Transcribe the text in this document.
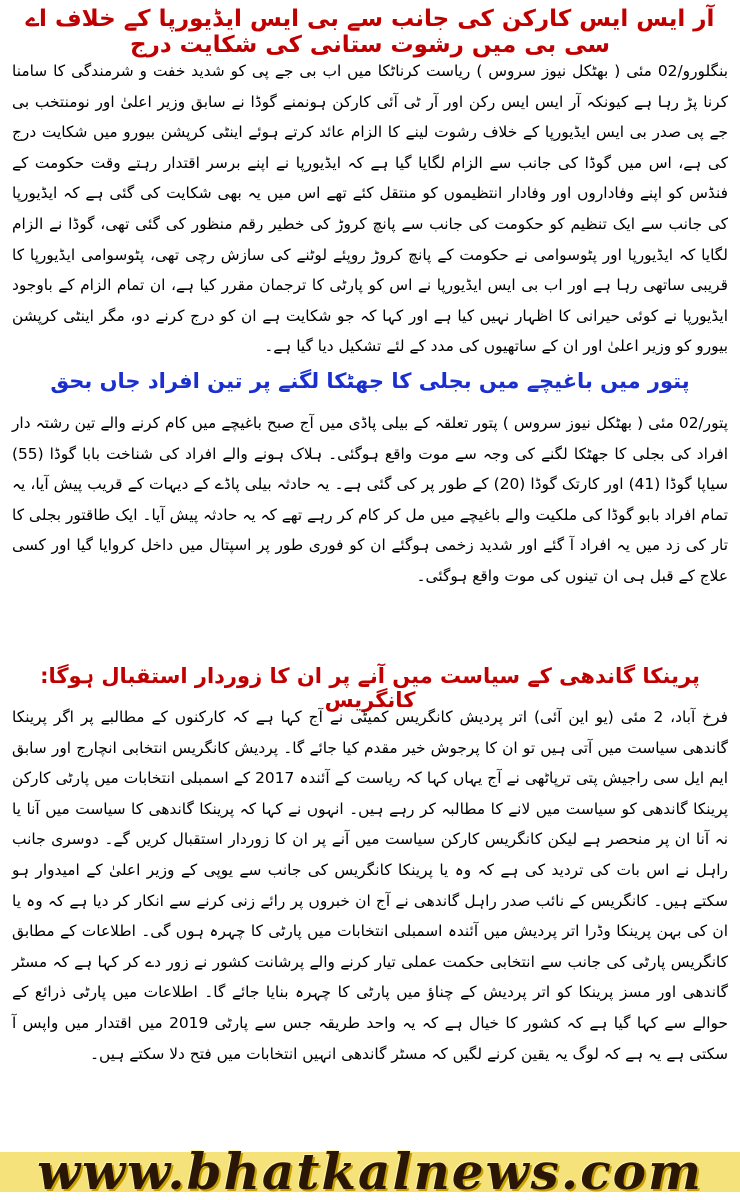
آر ایس ایس کارکن کی جانب سے بی ایس ایڈیورپا کے خلاف اے سی بی میں رشوت ستانی کی شکایت درج
بنگلورو/02 مئی ( بھٹکل نیوز سروس ) ریاست کرناٹکا میں اب بی جے پی کو شدید خفت و شرمندگی کا سامنا کرنا پڑ رہا ہے کیونکہ آر ایس ایس رکن اور آر ٹی آئی کارکن ہونمنے گوڈا نے سابق وزیر اعلیٰ اور نومنتخب بی جے پی صدر بی ایس ایڈیورپا کے خلاف رشوت لینے کا الزام عائد کرتے ہوئے اینٹی کرپشن بیورو میں شکایت درج کی ہے، اس میں گوڈا کی جانب سے الزام لگایا گیا ہے کہ ایڈیورپا نے اپنے برسر اقتدار رہتے وقت حکومت کے فنڈس کو اپنے وفاداروں اور وفادار انتظیموں کو منتقل کئے تھے اس میں یہ بھی شکایت کی گئی ہے کہ ایڈیورپا کی جانب سے ایک تنظیم کو حکومت کی جانب سے پانچ کروڑ کی خطیر رقم منظور کی گئی تھی، گوڈا نے الزام لگایا کہ ایڈیورپا اور پٹوسوامی نے حکومت کے پانچ کروڑ روپئے لوٹنے کی سازش رچی تھی، پٹوسوامی ایڈیورپا کا قریبی ساتھی رہا ہے اور اب بی ایس ایڈیورپا نے اس کو پارٹی کا ترجمان مقرر کیا ہے، ان تمام الزام کے باوجود ایڈیورپا نے کوئی حیرانی کا اظہار نہیں کیا ہے اور کہا کہ جو شکایت ہے ان کو درج کرنے دو، مگر اینٹی کرپشن بیورو کو وزیر اعلیٰ اور ان کے ساتھیوں کی مدد کے لئے تشکیل دیا گیا ہے۔
پتور میں باغیچے میں بجلی کا جھٹکا لگنے پر تین افراد جاں بحق
پتور/02 مئی ( بھٹکل نیوز سروس ) پتور تعلقہ کے بیلی پاڈی میں آج صبح باغیچے میں کام کرنے والے تین رشتہ دار افراد کی بجلی کا جھٹکا لگنے کی وجہ سے موت واقع ہوگئی۔ ہلاک ہونے والے افراد کی شناخت بابا گوڈا (55) سیاپا گوڈا (41) اور کارتک گوڈا (20) کے طور پر کی گئی ہے۔ یہ حادثہ بیلی پاڈے کے دیہات کے قریب پیش آیا، یہ تمام افراد بابو گوڈا کی ملکیت والے باغیچے میں مل کر کام کر رہے تھے کہ یہ حادثہ پیش آیا۔ ایک طاقتور بجلی کا تار کی زد میں یہ افراد آ گئے اور شدید زخمی ہوگئے ان کو فوری طور پر اسپتال میں داخل کروایا گیا اور کسی علاج کے قبل ہی ان تینوں کی موت واقع ہوگئی۔
پرینکا گاندھی کے سیاست میں آنے پر ان کا زوردار استقبال ہوگا: کانگریس
فرخ آباد، 2 مئی (یو این آئی) اتر پردیش کانگریس کمیٹی نے آج کہا ہے کہ کارکنوں کے مطالبے پر اگر پرینکا گاندھی سیاست میں آتی ہیں تو ان کا پرجوش خیر مقدم کیا جائے گا۔ پردیش کانگریس انتخابی انچارج اور سابق ایم ایل سی راجیش پتی ترپاٹھی نے آج یہاں کہا کہ ریاست کے آئندہ 2017 کے اسمبلی انتخابات میں پارٹی کارکن پرینکا گاندھی کو سیاست میں لانے کا مطالبہ کر رہے ہیں۔ انہوں نے کہا کہ پرینکا گاندھی کا سیاست میں آنا یا نہ آنا ان پر منحصر ہے لیکن کانگریس کارکن سیاست میں آنے پر ان کا زوردار استقبال کریں گے۔ دوسری جانب راہل نے اس بات کی تردید کی ہے کہ وہ یا پرینکا کانگریس کی جانب سے یوپی کے وزیر اعلیٰ کے امیدوار ہو سکتے ہیں۔ کانگریس کے نائب صدر راہل گاندھی نے آج ان خبروں پر رائے زنی کرنے سے انکار کر دیا ہے کہ وہ یا ان کی بہن پرینکا وڈرا اتر پردیش میں آئندہ اسمبلی انتخابات میں پارٹی کا چہرہ ہوں گی۔ اطلاعات کے مطابق کانگریس پارٹی کی جانب سے انتخابی حکمت عملی تیار کرنے والے پرشانت کشور نے زور دے کر کہا ہے کہ مسٹر گاندھی اور مسز پرینکا کو اتر پردیش کے چناؤ میں پارٹی کا چہرہ بنایا جائے گا۔ اطلاعات میں پارٹی ذرائع کے حوالے سے کہا گیا ہے کہ کشور کا خیال ہے کہ یہ واحد طریقہ جس سے پارٹی 2019 میں اقتدار میں واپس آ سکتی ہے یہ ہے کہ لوگ یہ یقین کرنے لگیں کہ مسٹر گاندھی انہیں انتخابات میں فتح دلا سکتے ہیں۔
www.bhatkalnews.com
